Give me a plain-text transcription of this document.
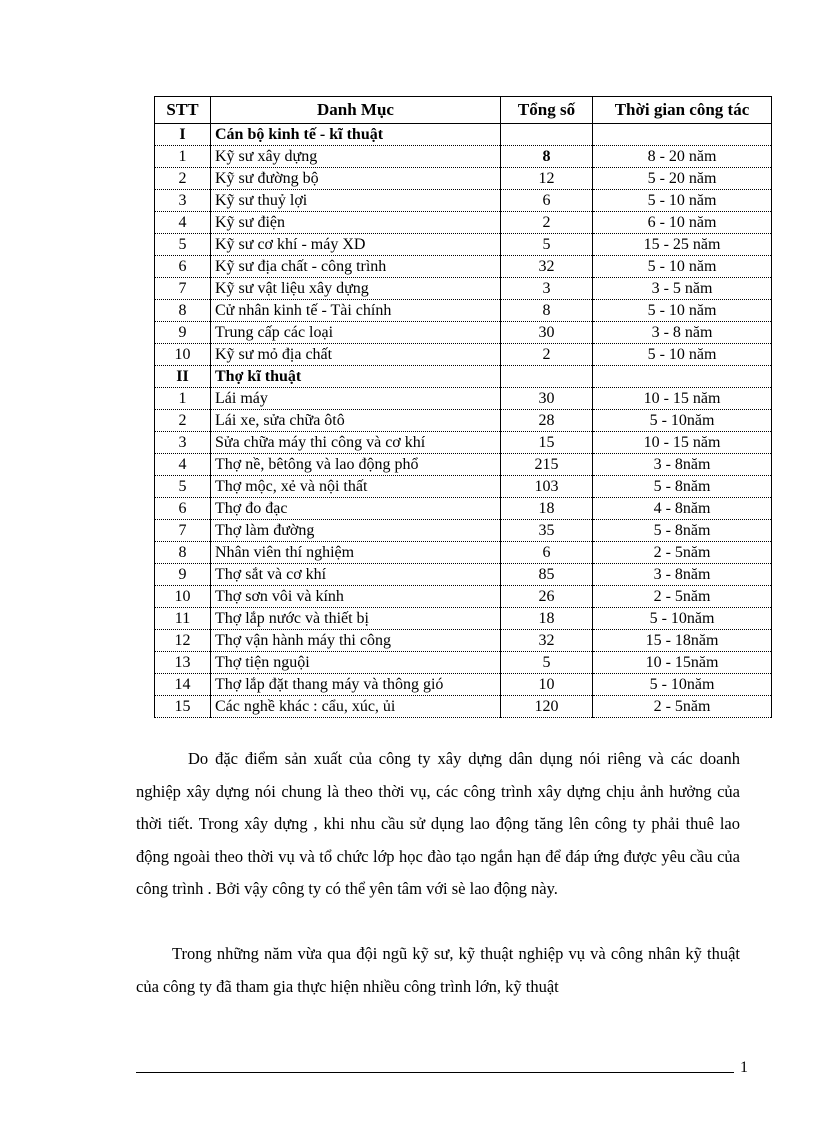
STT	Danh Mục	Tổng số	Thời gian công tác
I	Cán bộ kinh tế - kĩ thuật		
1	Kỹ sư xây dựng	8	8 - 20 năm
2	Kỹ sư đường bộ	12	5 - 20 năm
3	Kỹ sư thuỷ lợi	6	5 - 10 năm
4	Kỹ sư điện	2	6 - 10 năm
5	Kỹ sư cơ khí - máy XD	5	15 - 25 năm
6	Kỹ sư địa chất - công trình	32	5 - 10 năm
7	Kỹ sư vật liệu xây dựng	3	3 - 5 năm
8	Cử nhân kinh tế - Tài chính	8	5 - 10 năm
9	Trung cấp các loại	30	3 - 8 năm
10	Kỹ sư mỏ địa chất	2	5 - 10 năm
II	Thợ kĩ thuật		
1	Lái máy	30	10 - 15 năm
2	Lái xe, sửa chữa ôtô	28	5 - 10năm
3	Sửa chữa máy thi công và cơ khí	15	10 - 15 năm
4	Thợ nề, bêtông và lao động phổ	215	3 - 8năm
5	Thợ mộc, xẻ và nội thất	103	5 - 8năm
6	Thợ đo đạc	18	4 - 8năm
7	Thợ làm đường	35	5 - 8năm
8	Nhân viên thí nghiệm	6	2 - 5năm
9	Thợ sắt và cơ khí	85	3 - 8năm
10	Thợ sơn vôi và kính	26	2 - 5năm
11	Thợ lắp nước và thiết bị	18	5 - 10năm
12	Thợ vận hành máy thi công	32	15 - 18năm
13	Thợ tiện nguội	5	10 - 15năm
14	Thợ lắp đặt thang máy và thông gió	10	5 - 10năm
15	Các nghề khác : cẩu, xúc, ủi	120	2 - 5năm

Do đặc điểm sản xuất của công ty xây dựng dân dụng nói riêng và các doanh nghiệp xây dựng nói chung là theo thời vụ, các công trình xây dựng chịu ảnh hưởng của thời tiết. Trong xây dựng , khi nhu cầu sử dụng lao động tăng lên công ty phải thuê lao động ngoài theo thời vụ và tổ chức lớp học đào tạo ngắn hạn để đáp ứng được yêu cầu của công trình . Bởi vậy công ty có thể yên tâm với sè lao động này.

Trong những năm vừa qua đội ngũ kỹ sư, kỹ thuật nghiệp vụ và công nhân kỹ thuật của công ty đã tham gia thực hiện nhiều công trình lớn, kỹ thuật

1
